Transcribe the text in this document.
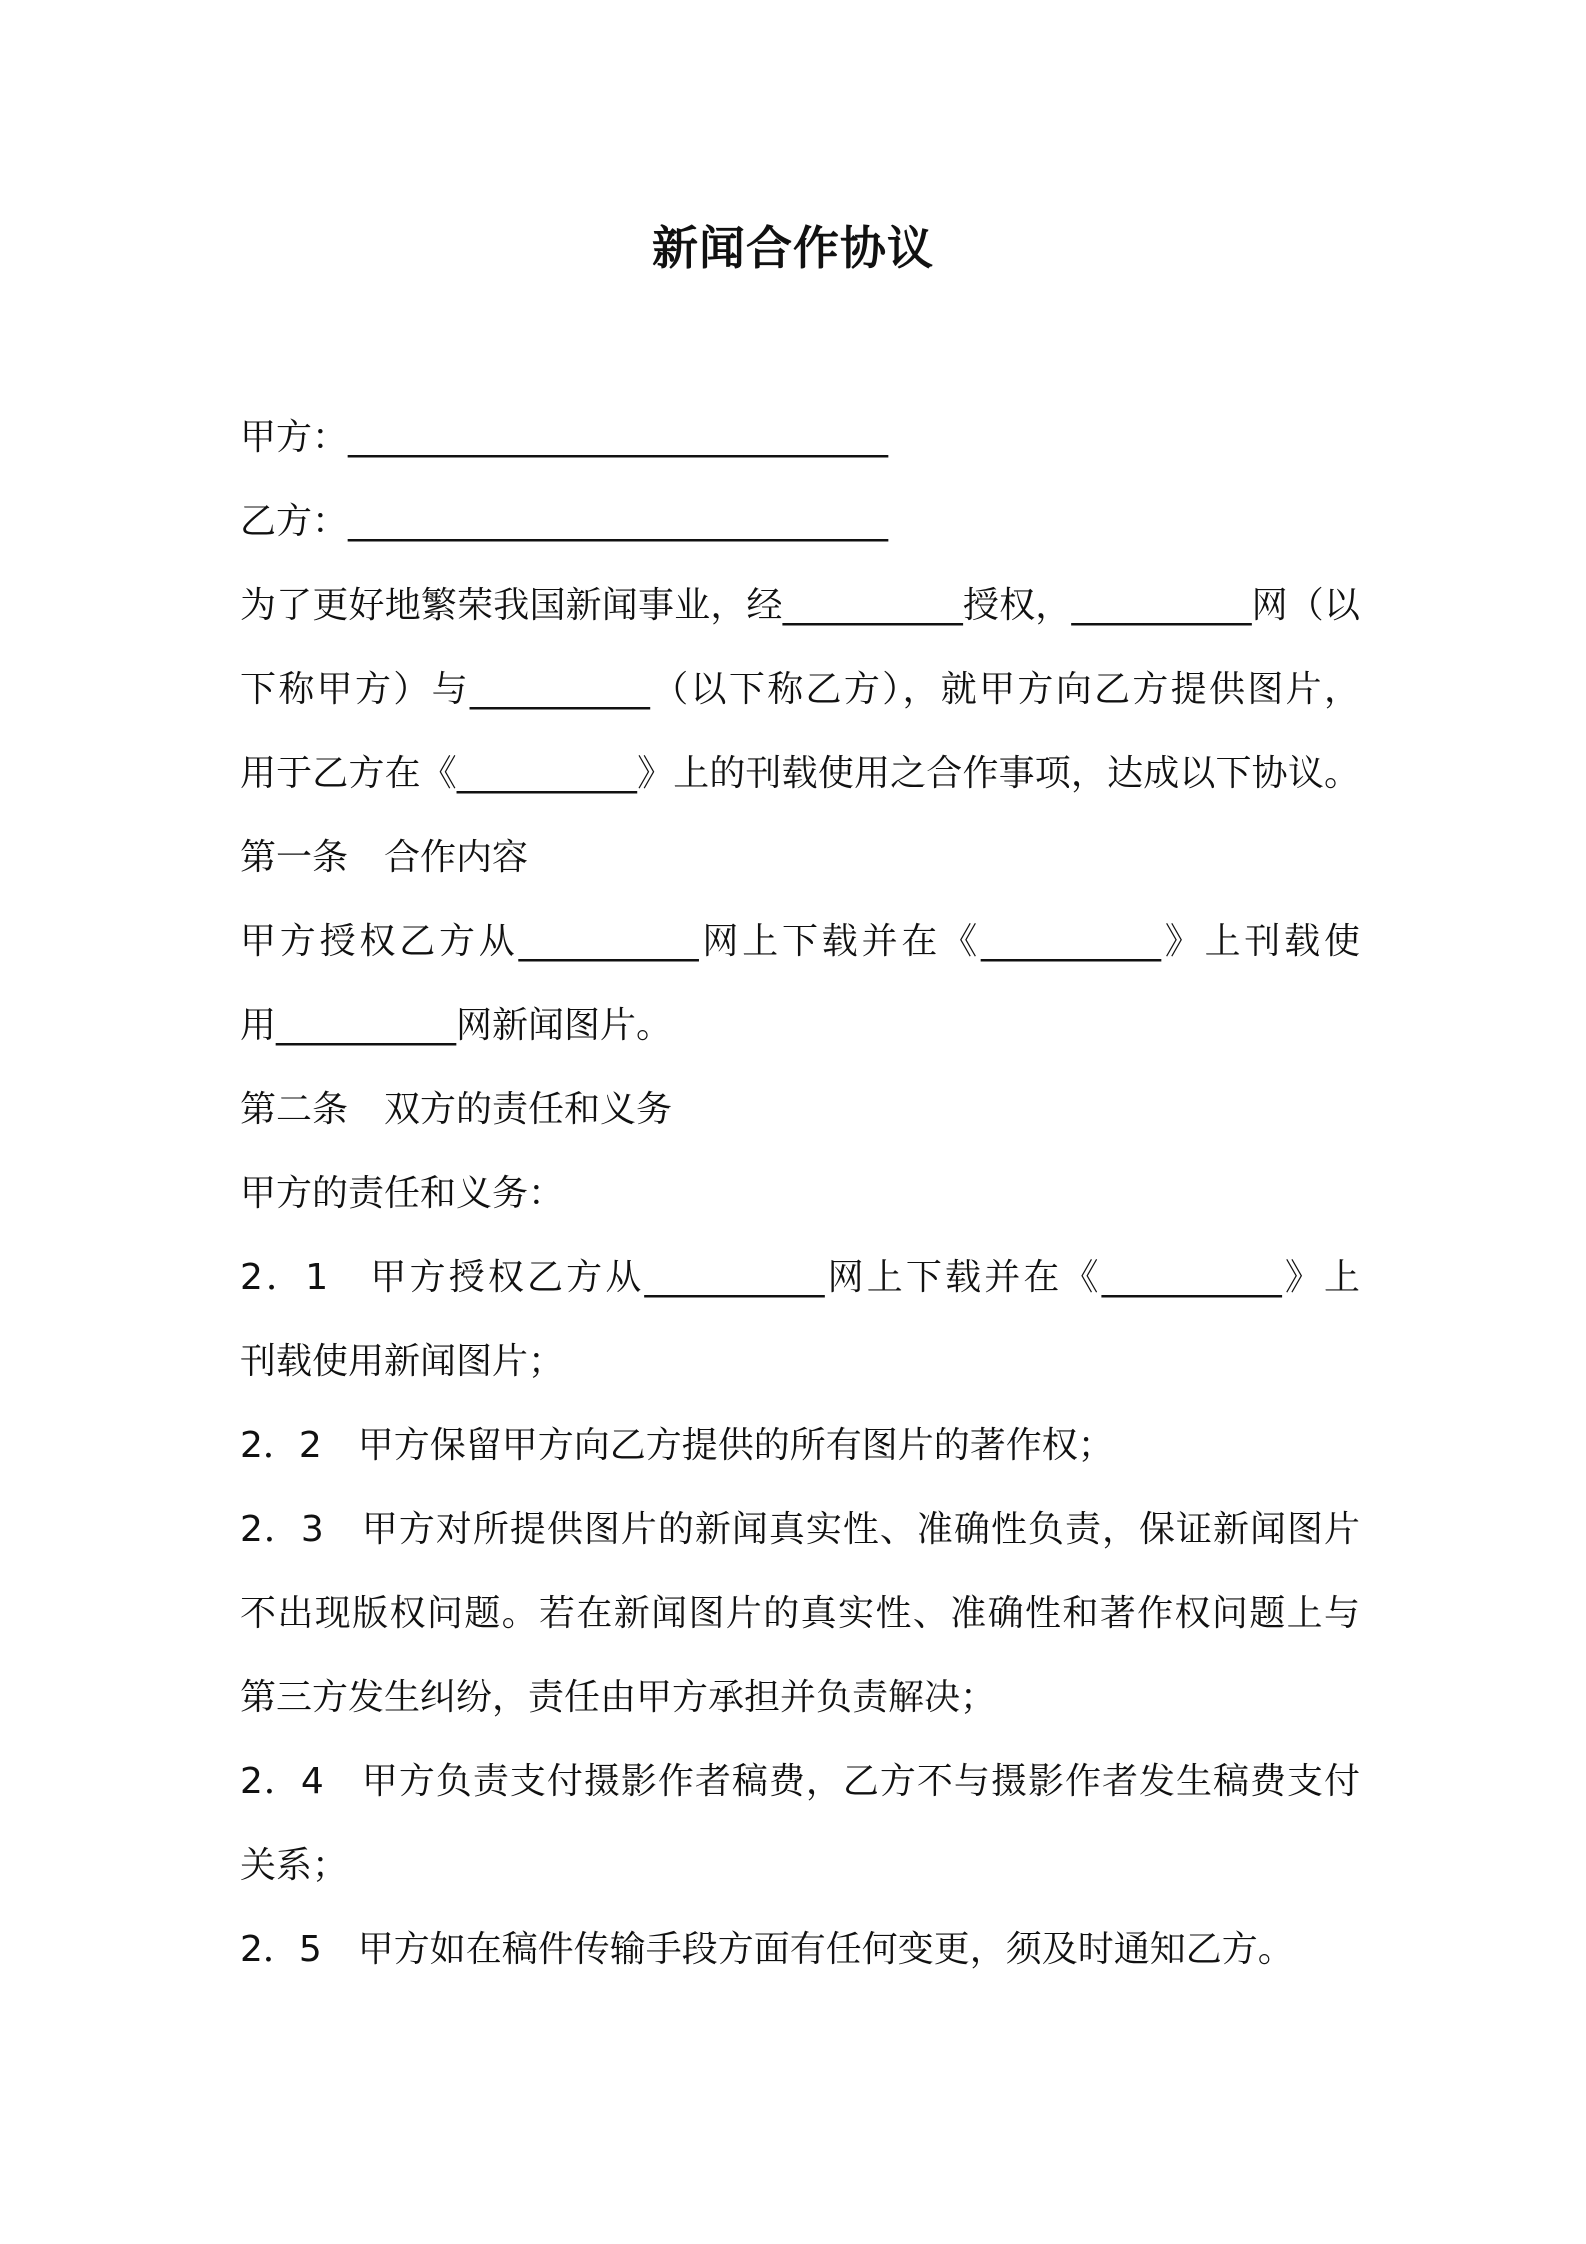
新闻合作协议
甲方：______________________________
乙方：______________________________
为了更好地繁荣我国新闻事业，经__________授权，__________网（以
下称甲方）与__________（以下称乙方），就甲方向乙方提供图片，
用于乙方在《__________》上的刊载使用之合作事项，达成以下协议。
第一条　合作内容
甲方授权乙方从__________网上下载并在《__________》上刊载使
用__________网新闻图片。
第二条　双方的责任和义务
甲方的责任和义务：
2．1　甲方授权乙方从__________网上下载并在《__________》上
刊载使用新闻图片；
2．2　甲方保留甲方向乙方提供的所有图片的著作权；
2．3　甲方对所提供图片的新闻真实性、准确性负责，保证新闻图片
不出现版权问题。若在新闻图片的真实性、准确性和著作权问题上与
第三方发生纠纷，责任由甲方承担并负责解决；
2．4　甲方负责支付摄影作者稿费，乙方不与摄影作者发生稿费支付
关系；
2．5　甲方如在稿件传输手段方面有任何变更，须及时通知乙方。
